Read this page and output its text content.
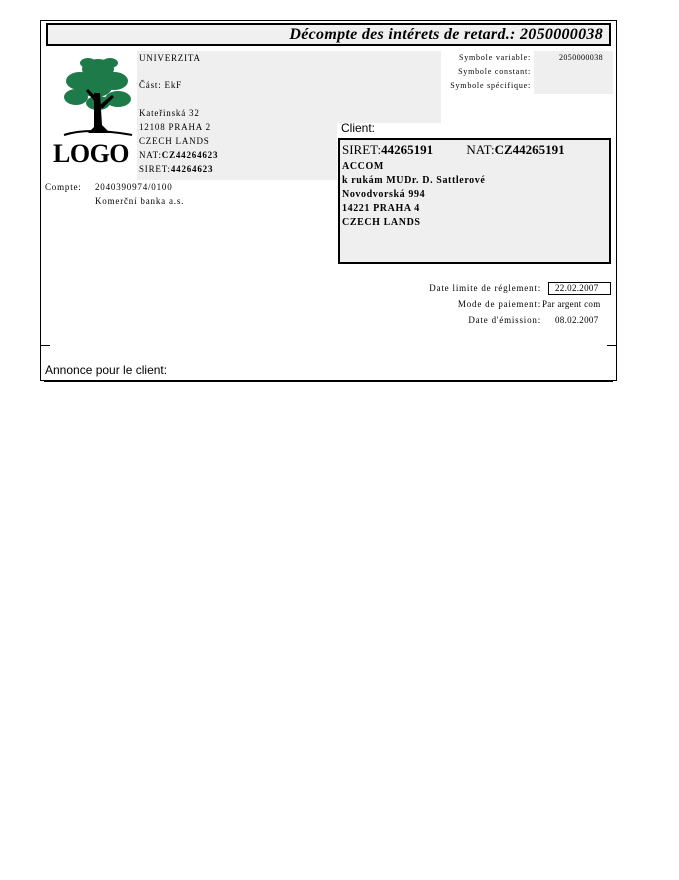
Décompte des intérets de retard.: 2050000038
LOGO
UNIVERZITA
Část: EkF
Kateřinská 32
12108 PRAHA 2
CZECH LANDS
NAT:CZ44264623
SIRET:44264623
Compte: 2040390974/0100
Komerční banka a.s.
Symbole variable:	2050000038
Symbole constant:
Symbole spécifique:
Client:
SIRET:44265191	NAT:CZ44265191
ACCOM
k rukám MUDr. D. Sattlerové
Novodvorská 994
14221 PRAHA 4
CZECH LANDS
Date limite de réglement: 22.02.2007
Mode de paiement: Par argent com
Date d'émission: 08.02.2007
Annonce pour le client:
